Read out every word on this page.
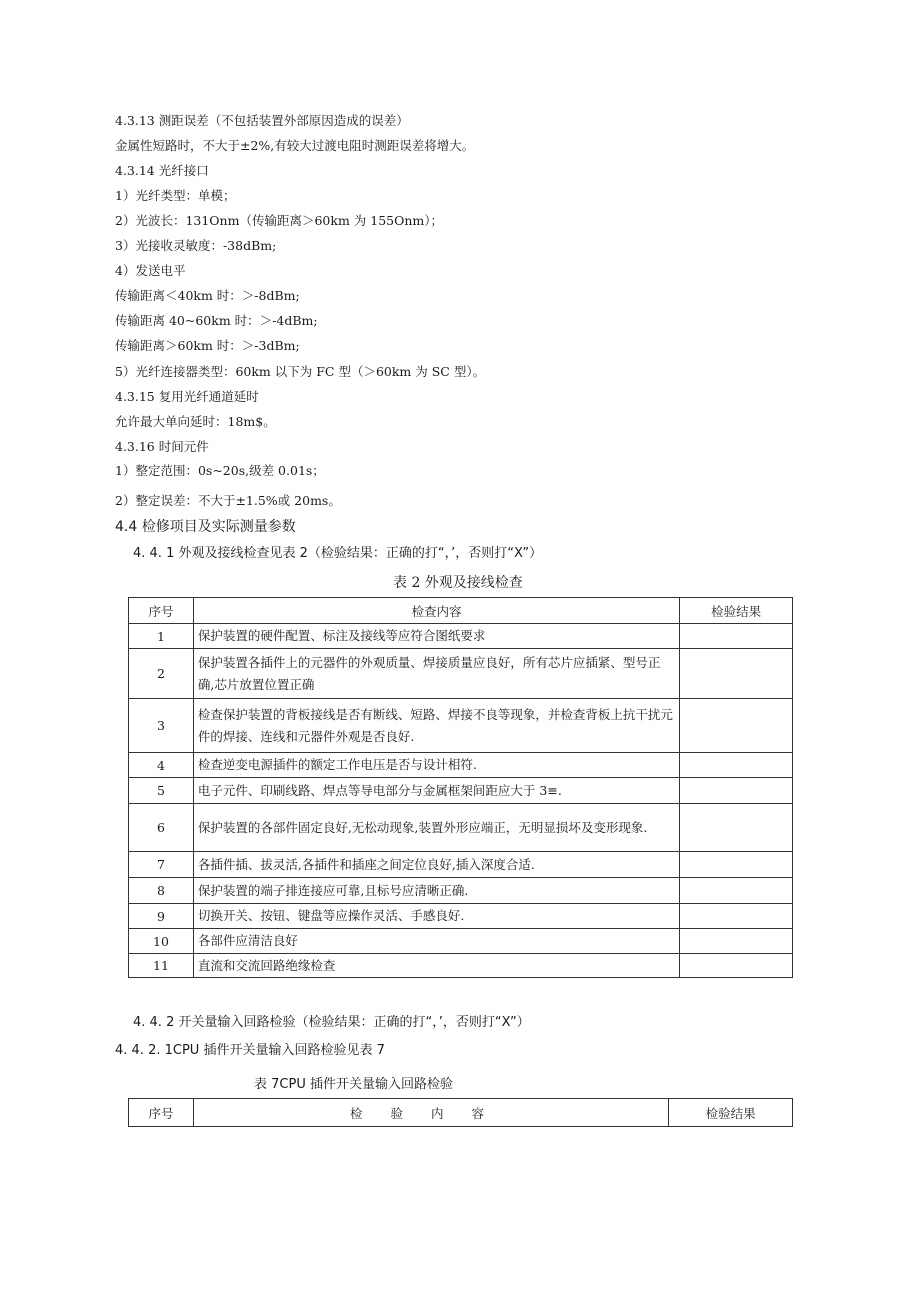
4.3.13 测距误差（不包括装置外部原因造成的误差）
金属性短路时，不大于±2%,有较大过渡电阻时测距误差将增大。
4.3.14 光纤接口
1）光纤类型：单模；
2）光波长：131Onm（传输距离＞60km 为 155Onm）；
3）光接收灵敏度：-38dBm;
4）发送电平
传输距离＜40km 时：＞-8dBm;
传输距离 40~60km 时：＞-4dBm;
传输距离＞60km 时：＞-3dBm;
5）光纤连接器类型：60km 以下为 FC 型（＞60km 为 SC 型）。
4.3.15 复用光纤通道延时
允许最大单向延时：18m$。
4.3.16 时间元件
1）整定范围：0s~20s,级差 0.01s；
2）整定误差：不大于±1.5%或 20ms。
4.4 检修项目及实际测量参数
4. 4. 1 外观及接线检查见表 2（检验结果：正确的打“，’，否则打“X”）
表 2 外观及接线检查
序号	检查内容	检验结果
1	保护装置的硬件配置、标注及接线等应符合图纸要求	
2	保护装置各插件上的元器件的外观质量、焊接质量应良好，所有芯片应插紧、型号正确,芯片放置位置正确	
3	检查保护装置的背板接线是否有断线、短路、焊接不良等现象，并检查背板上抗干扰元件的焊接、连线和元器件外观是否良好.	
4	检查逆变电源插件的额定工作电压是否与设计相符.	
5	电子元件、印刷线路、焊点等导电部分与金属框架间距应大于 3≡.	
6	保护装置的各部件固定良好,无松动现象,装置外形应端正，无明显损坏及变形现象.	
7	各插件插、拔灵活,各插件和插座之间定位良好,插入深度合适.	
8	保护装置的端子排连接应可靠,且标号应清晰正确.	
9	切换开关、按钮、键盘等应操作灵活、手感良好.	
10	各部件应清洁良好	
11	直流和交流回路绝缘检查	
4. 4. 2 开关量输入回路检验（检验结果：正确的打“，’，否则打“X”）
4. 4. 2. 1CPU 插件开关量输入回路检验见表 7
表 7CPU 插件开关量输入回路检验
序号	检验内容	检验结果
